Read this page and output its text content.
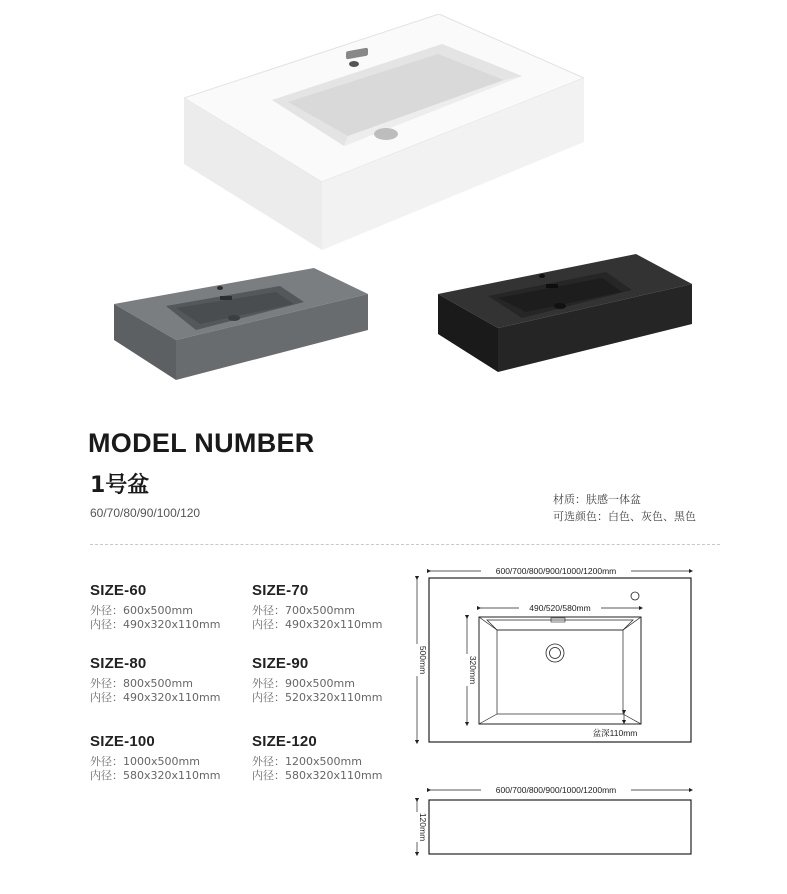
MODEL NUMBER
1号盆
60/70/80/90/100/120
材质：肤感一体盆
可选颜色：白色、灰色、黑色
SIZE-60
外径：600x500mm
内径：490x320x110mm
SIZE-70
外径：700x500mm
内径：490x320x110mm
SIZE-80
外径：800x500mm
内径：490x320x110mm
SIZE-90
外径：900x500mm
内径：520x320x110mm
SIZE-100
外径：1000x500mm
内径：580x320x110mm
SIZE-120
外径：1200x500mm
内径：580x320x110mm
600/700/800/900/1000/1200mm
500mm
490/520/580mm
320mm
盆深110mm
600/700/800/900/1000/1200mm
120mm
